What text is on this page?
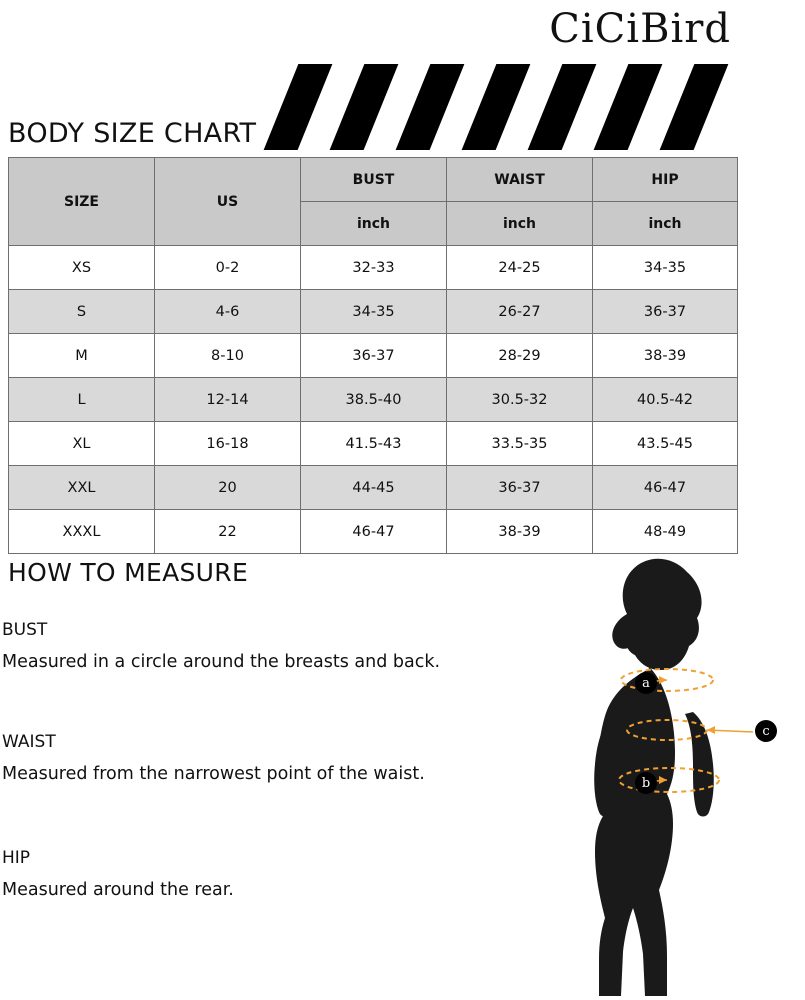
CiCiBird
BODY SIZE CHART
SIZE	US	BUST	WAIST	HIP
		inch	inch	inch
XS	0-2	32-33	24-25	34-35
S	4-6	34-35	26-27	36-37
M	8-10	36-37	28-29	38-39
L	12-14	38.5-40	30.5-32	40.5-42
XL	16-18	41.5-43	33.5-35	43.5-45
XXL	20	44-45	36-37	46-47
XXXL	22	46-47	38-39	48-49
HOW TO MEASURE

BUST

Measured in a circle around the breasts and back.

WAIST

Measured from the narrowest point of the waist.

HIP

Measured around the rear.

a
b
c
